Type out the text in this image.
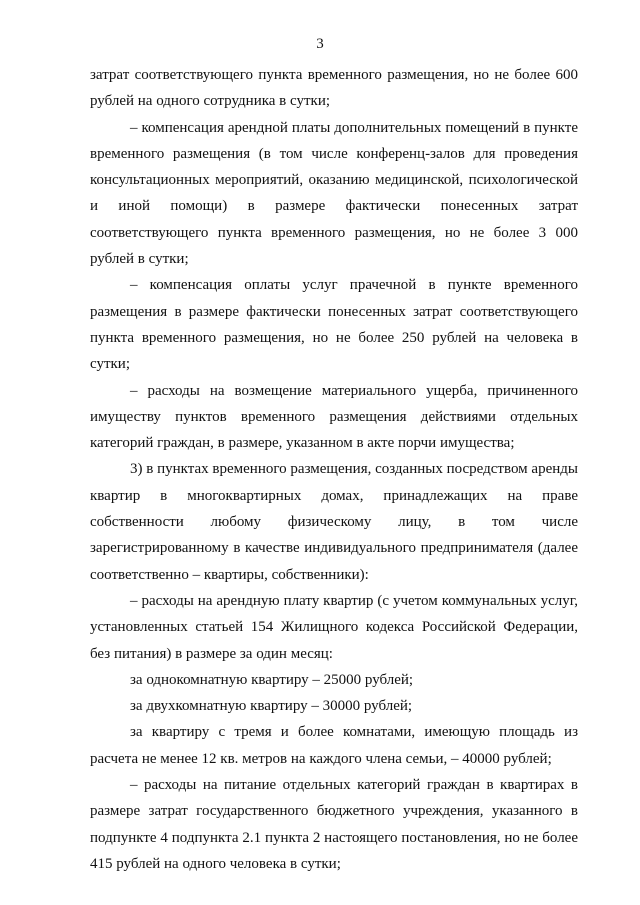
3

затрат соответствующего пункта временного размещения, но не более 600 рублей на одного сотрудника в сутки;

– компенсация арендной платы дополнительных помещений в пункте временного размещения (в том числе конференц-залов для проведения консультационных мероприятий, оказанию медицинской, психологической и иной помощи) в размере фактически понесенных затрат соответствующего пункта временного размещения, но не более 3 000 рублей в сутки;

– компенсация оплаты услуг прачечной в пункте временного размещения в размере фактически понесенных затрат соответствующего пункта временного размещения, но не более 250 рублей на человека в сутки;

– расходы на возмещение материального ущерба, причиненного имуществу пунктов временного размещения действиями отдельных категорий граждан, в размере, указанном в акте порчи имущества;

3) в пунктах временного размещения, созданных посредством аренды квартир в многоквартирных домах, принадлежащих на праве собственности любому физическому лицу, в том числе зарегистрированному в качестве индивидуального предпринимателя (далее соответственно – квартиры, собственники):

– расходы на арендную плату квартир (с учетом коммунальных услуг, установленных статьей 154 Жилищного кодекса Российской Федерации, без питания) в размере за один месяц:

за однокомнатную квартиру – 25000 рублей;

за двухкомнатную квартиру – 30000 рублей;

за квартиру с тремя и более комнатами, имеющую площадь из расчета не менее 12 кв. метров на каждого члена семьи, – 40000 рублей;

– расходы на питание отдельных категорий граждан в квартирах в размере затрат государственного бюджетного учреждения, указанного в подпункте 4 подпункта 2.1 пункта 2 настоящего постановления, но не более 415 рублей на одного человека в сутки;
